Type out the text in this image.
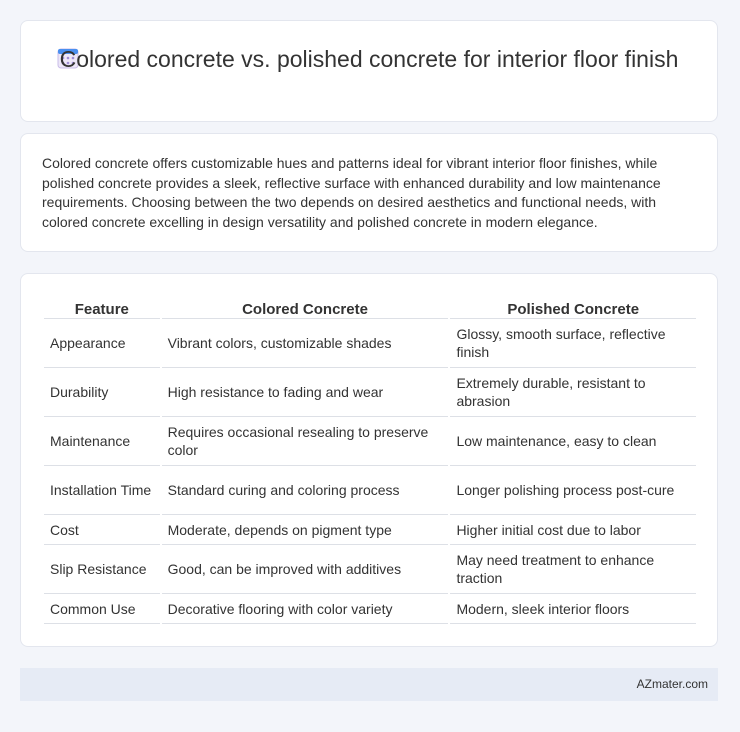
Colored concrete vs. polished concrete for interior floor finish
Colored concrete offers customizable hues and patterns ideal for vibrant interior floor finishes, while polished concrete provides a sleek, reflective surface with enhanced durability and low maintenance requirements. Choosing between the two depends on desired aesthetics and functional needs, with colored concrete excelling in design versatility and polished concrete in modern elegance.
Feature	Colored Concrete	Polished Concrete
Appearance	Vibrant colors, customizable shades	Glossy, smooth surface, reflective finish
Durability	High resistance to fading and wear	Extremely durable, resistant to abrasion
Maintenance	Requires occasional resealing to preserve color	Low maintenance, easy to clean
Installation Time	Standard curing and coloring process	Longer polishing process post-cure
Cost	Moderate, depends on pigment type	Higher initial cost due to labor
Slip Resistance	Good, can be improved with additives	May need treatment to enhance traction
Common Use	Decorative flooring with color variety	Modern, sleek interior floors
AZmater.com
